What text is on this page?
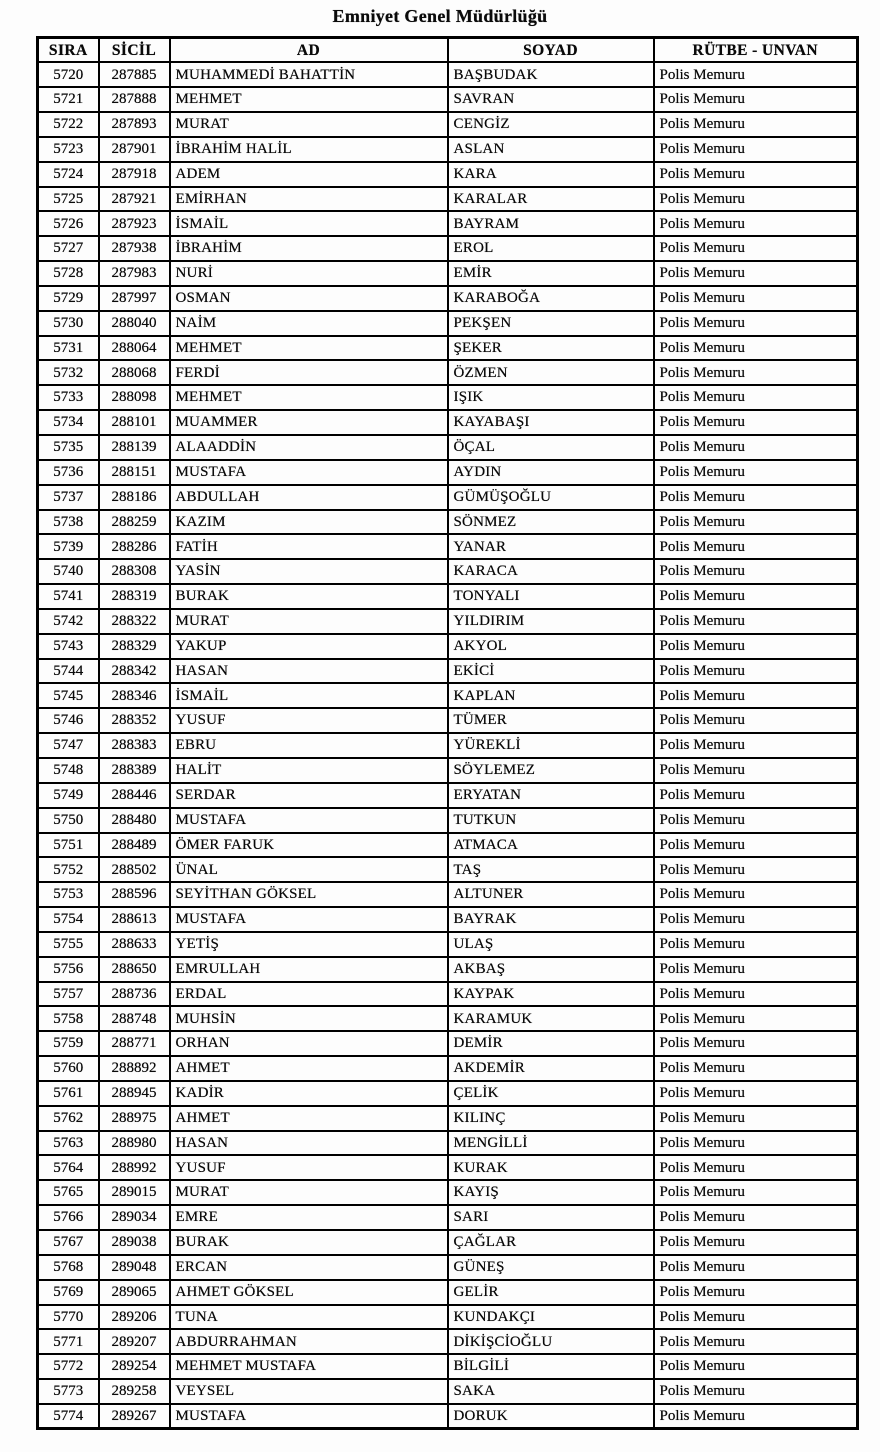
Emniyet Genel Müdürlüğü
SIRA	SİCİL	AD	SOYAD	RÜTBE - UNVAN
5720	287885	MUHAMMEDİ BAHATTİN	BAŞBUDAK	Polis Memuru
5721	287888	MEHMET	SAVRAN	Polis Memuru
5722	287893	MURAT	CENGİZ	Polis Memuru
5723	287901	İBRAHİM HALİL	ASLAN	Polis Memuru
5724	287918	ADEM	KARA	Polis Memuru
5725	287921	EMİRHAN	KARALAR	Polis Memuru
5726	287923	İSMAİL	BAYRAM	Polis Memuru
5727	287938	İBRAHİM	EROL	Polis Memuru
5728	287983	NURİ	EMİR	Polis Memuru
5729	287997	OSMAN	KARABOĞA	Polis Memuru
5730	288040	NAİM	PEKŞEN	Polis Memuru
5731	288064	MEHMET	ŞEKER	Polis Memuru
5732	288068	FERDİ	ÖZMEN	Polis Memuru
5733	288098	MEHMET	IŞIK	Polis Memuru
5734	288101	MUAMMER	KAYABAŞI	Polis Memuru
5735	288139	ALAADDİN	ÖÇAL	Polis Memuru
5736	288151	MUSTAFA	AYDIN	Polis Memuru
5737	288186	ABDULLAH	GÜMÜŞOĞLU	Polis Memuru
5738	288259	KAZIM	SÖNMEZ	Polis Memuru
5739	288286	FATİH	YANAR	Polis Memuru
5740	288308	YASİN	KARACA	Polis Memuru
5741	288319	BURAK	TONYALI	Polis Memuru
5742	288322	MURAT	YILDIRIM	Polis Memuru
5743	288329	YAKUP	AKYOL	Polis Memuru
5744	288342	HASAN	EKİCİ	Polis Memuru
5745	288346	İSMAİL	KAPLAN	Polis Memuru
5746	288352	YUSUF	TÜMER	Polis Memuru
5747	288383	EBRU	YÜREKLİ	Polis Memuru
5748	288389	HALİT	SÖYLEMEZ	Polis Memuru
5749	288446	SERDAR	ERYATAN	Polis Memuru
5750	288480	MUSTAFA	TUTKUN	Polis Memuru
5751	288489	ÖMER FARUK	ATMACA	Polis Memuru
5752	288502	ÜNAL	TAŞ	Polis Memuru
5753	288596	SEYİTHAN GÖKSEL	ALTUNER	Polis Memuru
5754	288613	MUSTAFA	BAYRAK	Polis Memuru
5755	288633	YETİŞ	ULAŞ	Polis Memuru
5756	288650	EMRULLAH	AKBAŞ	Polis Memuru
5757	288736	ERDAL	KAYPAK	Polis Memuru
5758	288748	MUHSİN	KARAMUK	Polis Memuru
5759	288771	ORHAN	DEMİR	Polis Memuru
5760	288892	AHMET	AKDEMİR	Polis Memuru
5761	288945	KADİR	ÇELİK	Polis Memuru
5762	288975	AHMET	KILINÇ	Polis Memuru
5763	288980	HASAN	MENGİLLİ	Polis Memuru
5764	288992	YUSUF	KURAK	Polis Memuru
5765	289015	MURAT	KAYIŞ	Polis Memuru
5766	289034	EMRE	SARI	Polis Memuru
5767	289038	BURAK	ÇAĞLAR	Polis Memuru
5768	289048	ERCAN	GÜNEŞ	Polis Memuru
5769	289065	AHMET GÖKSEL	GELİR	Polis Memuru
5770	289206	TUNA	KUNDAKÇI	Polis Memuru
5771	289207	ABDURRAHMAN	DİKİŞCİOĞLU	Polis Memuru
5772	289254	MEHMET MUSTAFA	BİLGİLİ	Polis Memuru
5773	289258	VEYSEL	SAKA	Polis Memuru
5774	289267	MUSTAFA	DORUK	Polis Memuru
